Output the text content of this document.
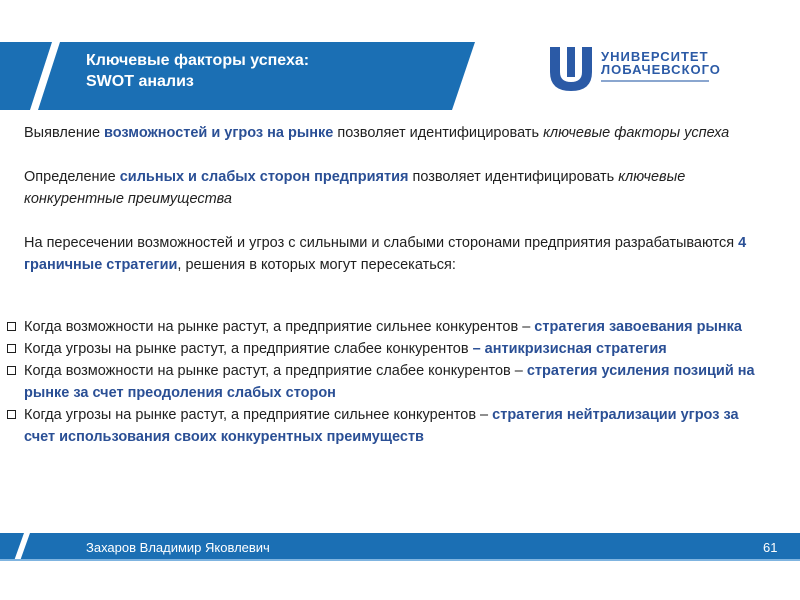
Ключевые факторы успеха:
SWOT анализ
УНИВЕРСИТЕТ
ЛОБАЧЕВСКОГО

Выявление возможностей и угроз на рынке позволяет идентифицировать ключевые факторы успеха

Определение сильных и слабых сторон предприятия позволяет идентифицировать ключевые конкурентные преимущества

На пересечении возможностей и угроз с сильными и слабыми сторонами предприятия разрабатываются 4 граничные стратегии, решения в которых могут пересекаться:

Когда возможности на рынке растут, а предприятие сильнее конкурентов – стратегия завоевания рынка
Когда угрозы на рынке растут, а предприятие слабее конкурентов – антикризисная стратегия
Когда возможности на рынке растут, а предприятие слабее конкурентов – стратегия усиления позиций на рынке за счет преодоления слабых сторон
Когда угрозы на рынке растут, а предприятие сильнее конкурентов – стратегия нейтрализации угроз за счет использования своих конкурентных преимуществ
Захаров Владимир Яковлевич	61
